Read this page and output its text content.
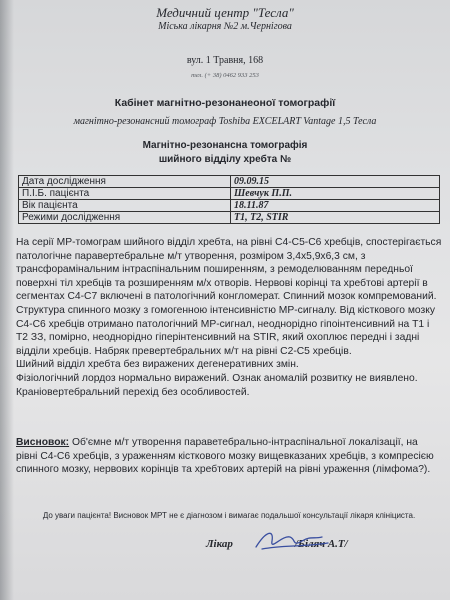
Медичний центр "Тесла"
Міська лікарня №2 м.Чернігова
вул. 1 Травня, 168
тел. (+ 38) 0462 933 253
Кабінет магнітно-резонанеоної томографії
магнітно-резонансний томограф Toshiba EXCELART Vantage 1,5 Тесла
Магнітно-резонансна томографія
шийного відділу хребта №
Дата дослідження	09.09.15
П.І.Б. пацієнта	Шевчук П.П.
Вік пацієнта	18.11.87
Режими дослідження	T1, T2, STIR

На серії МР-томограм шийного відділ хребта, на рівні С4-С5-С6 хребців, спостерігається патологічне паравертебральне м/т утворення, розміром 3,4х5,9х6,3 см, з трансфорамінальним інтраспінальним поширенням, з ремоделюванням передньої поверхні тіл хребців та розширенням м/х отворів. Нервові корінці та хребтові артерії в сегментах С4-С7 включені в патологічний конгломерат. Спинний мозок компремований. Структура спинного мозку з гомогенною інтенсивністю МР-сигналу. Від кісткового мозку С4-С6 хребців отримано патологічний МР-сигнал, неоднорідно гіпоінтенсивний на Т1 і Т2 ЗЗ, помірно, неоднорідно гіперінтенсивний на STIR, який охоплює передні і задні відділи хребців. Набряк превертебральних м/т на рівні С2-С5 хребців.

Шийний відділ хребта без виражених дегенеративних змін.

Фізіологічний лордоз нормально виражений. Ознак аномалій розвитку не виявлено.

Краніовертебральний перехід без особливостей.

Висновок: Об'ємне м/т утворення параветебрально-інтраспінальної локалізації, на рівні С4-С6 хребців, з ураженням кісткового мозку вищевказаних хребців, з компресією спинного мозку, нервових корінців та хребтових артерій на рівні ураження (лімфома?).
До уваги пацієнта! Висновок МРТ не є діагнозом і вимагає подальшої консультації лікаря клініциста.
Лікар	/Біляч А.Т/
